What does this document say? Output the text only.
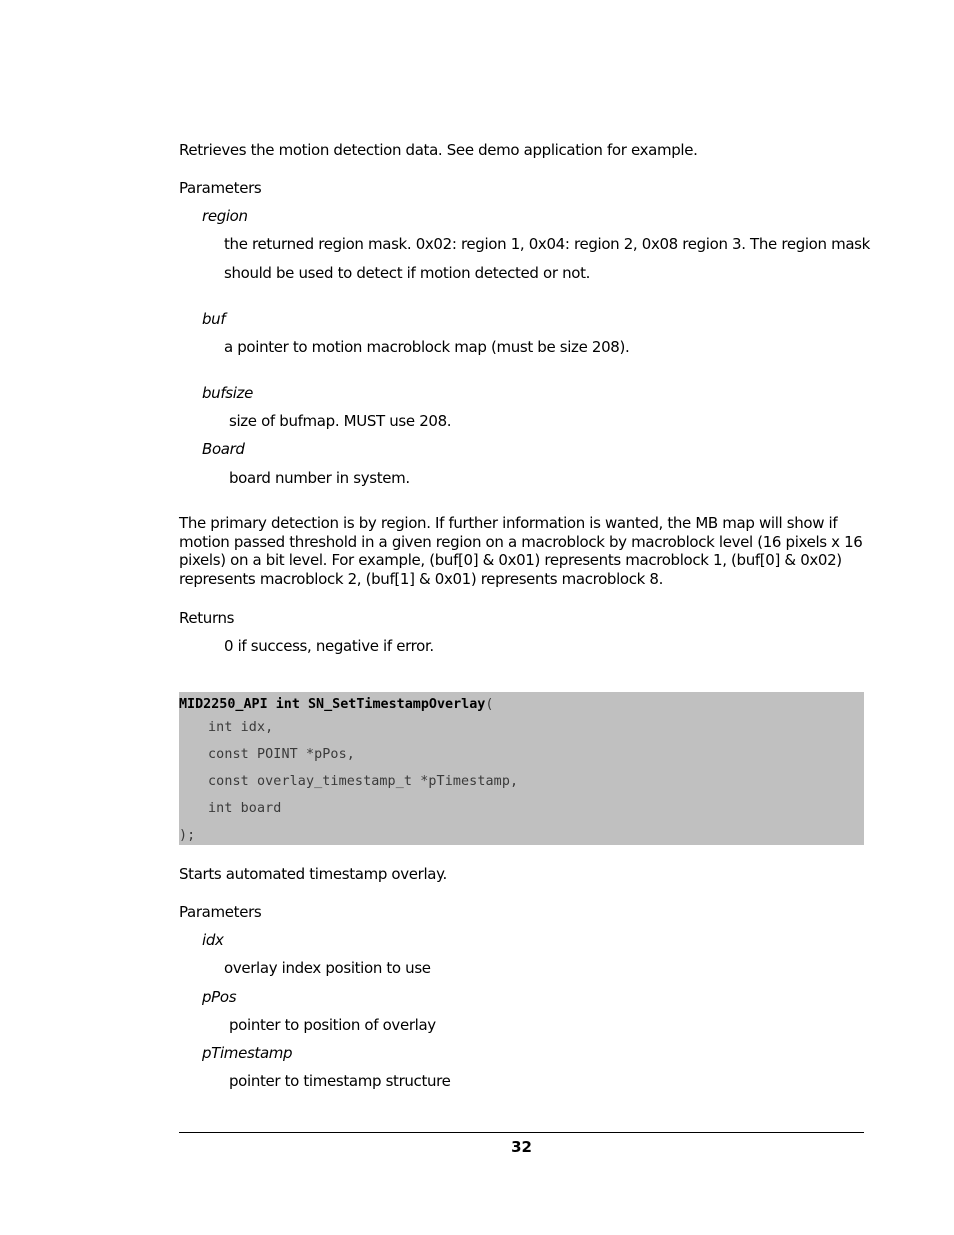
Retrieves the motion detection data. See demo application for example.
Parameters
region
the returned region mask. 0x02: region 1, 0x04: region 2, 0x08 region 3. The region mask
should be used to detect if motion detected or not.
buf
a pointer to motion macroblock map (must be size 208).
bufsize
size of bufmap. MUST use 208.
Board
board number in system.
The primary detection is by region. If further information is wanted, the MB map will show if
motion passed threshold in a given region on a macroblock by macroblock level (16 pixels x 16
pixels) on a bit level. For example, (buf[0] & 0x01) represents macroblock 1, (buf[0] & 0x02)
represents macroblock 2, (buf[1] & 0x01) represents macroblock 8.
Returns
0 if success, negative if error.
MID2250_API int SN_SetTimestampOverlay(
int idx,
const POINT *pPos,
const overlay_timestamp_t *pTimestamp,
int board
);
Starts automated timestamp overlay.
Parameters
idx
overlay index position to use
pPos
pointer to position of overlay
pTimestamp
pointer to timestamp structure
32
